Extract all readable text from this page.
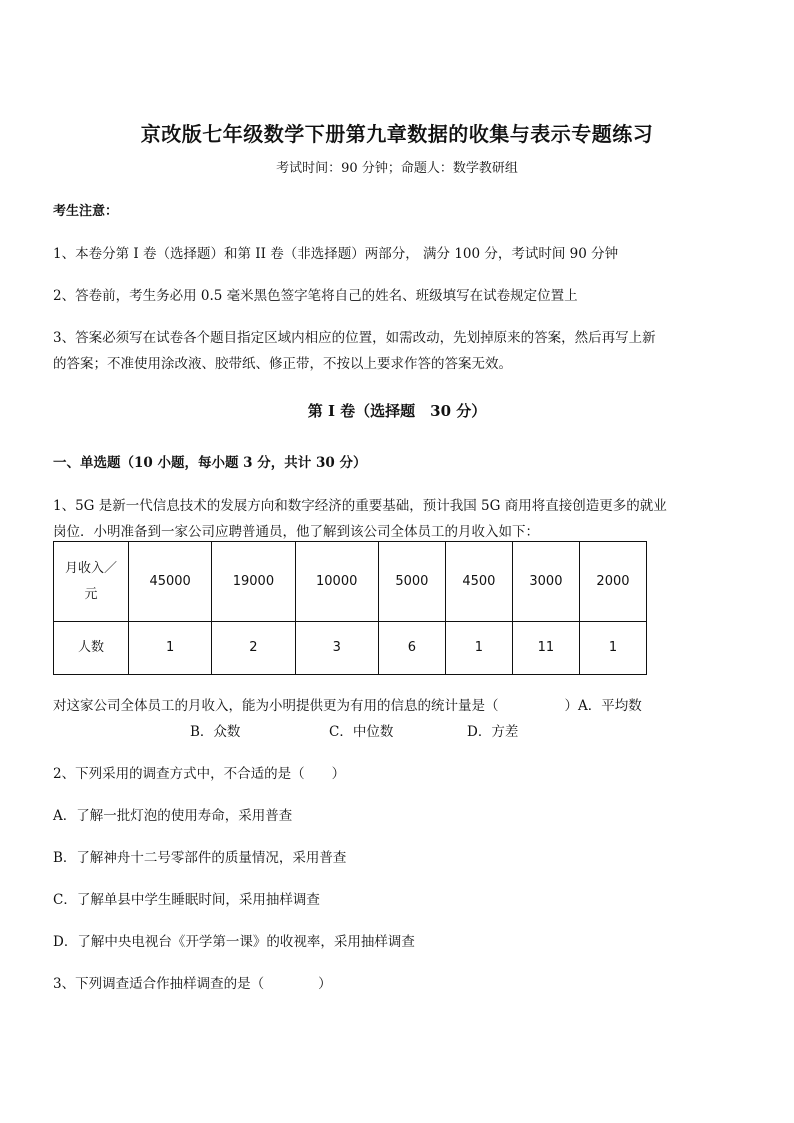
京改版七年级数学下册第九章数据的收集与表示专题练习
考试时间：90 分钟；命题人：数学教研组
考生注意：
1、本卷分第 I 卷（选择题）和第 II 卷（非选择题）两部分， 满分 100 分，考试时间 90 分钟
2、答卷前，考生务必用 0.5 毫米黑色签字笔将自己的姓名、班级填写在试卷规定位置上
3、答案必须写在试卷各个题目指定区域内相应的位置，如需改动，先划掉原来的答案，然后再写上新
的答案；不准使用涂改液、胶带纸、修正带，不按以上要求作答的答案无效。
第 I 卷（选择题　30 分）
一、单选题（10 小题，每小题 3 分，共计 30 分）
1、5G 是新一代信息技术的发展方向和数字经济的重要基础，预计我国 5G 商用将直接创造更多的就业
岗位．小明准备到一家公司应聘普通员，他了解到该公司全体员工的月收入如下：
月收入／
元	45000	19000	10000	5000	4500	3000	2000
人数	1	2	3	6	1	11	1
对这家公司全体员工的月收入，能为小明提供更为有用的信息的统计量是（	）A．平均数
B．众数	C．中位数	D．方差
2、下列采用的调查方式中，不合适的是（　　）
A．了解一批灯泡的使用寿命，采用普查
B．了解神舟十二号零部件的质量情况，采用普查
C．了解单县中学生睡眠时间，采用抽样调查
D．了解中央电视台《开学第一课》的收视率，采用抽样调查
3、下列调查适合作抽样调查的是（　　　　）
